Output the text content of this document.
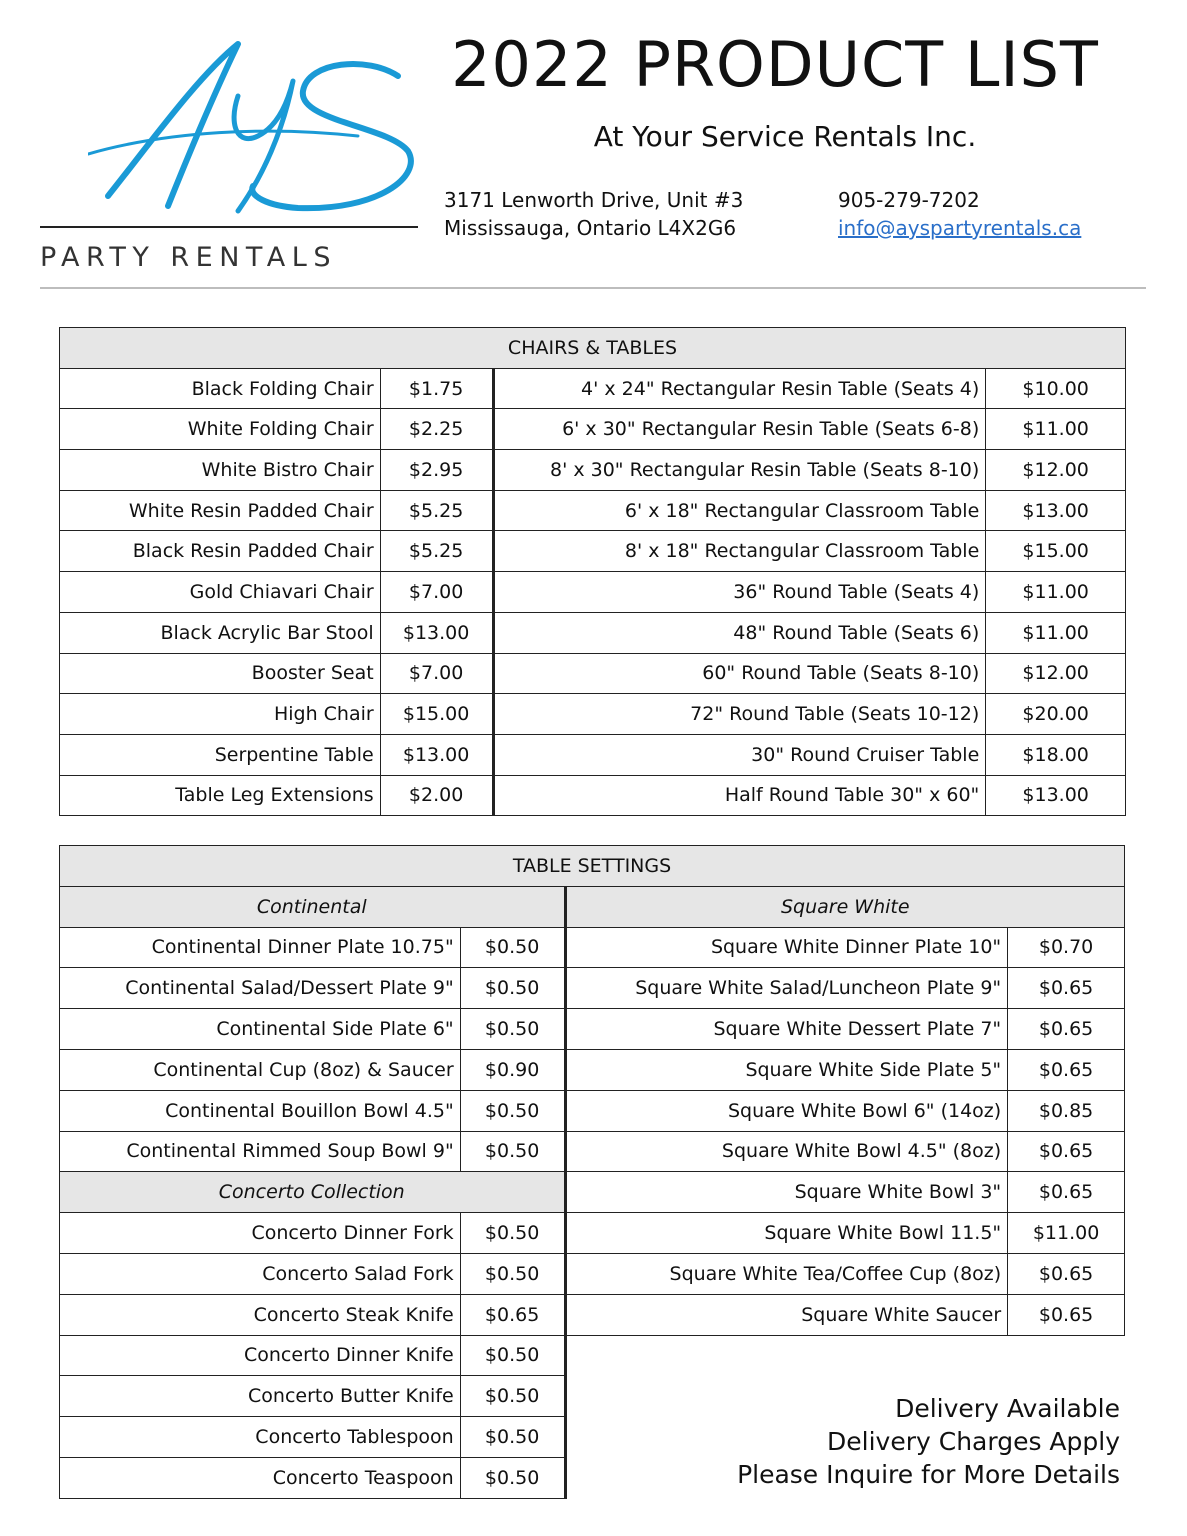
PARTY RENTALS
2022 PRODUCT LIST
At Your Service Rentals Inc.
3171 Lenworth Drive, Unit #3
Mississauga, Ontario L4X2G6
905-279-7202
info@ayspartyrentals.ca
CHAIRS & TABLES			
Black Folding Chair	$1.75	4' x 24" Rectangular Resin Table (Seats 4)	$10.00
White Folding Chair	$2.25	6' x 30" Rectangular Resin Table (Seats 6-8)	$11.00
White Bistro Chair	$2.95	8' x 30" Rectangular Resin Table (Seats 8-10)	$12.00
White Resin Padded Chair	$5.25	6' x 18" Rectangular Classroom Table	$13.00
Black Resin Padded Chair	$5.25	8' x 18" Rectangular Classroom Table	$15.00
Gold Chiavari Chair	$7.00	36" Round Table (Seats 4)	$11.00
Black Acrylic Bar Stool	$13.00	48" Round Table (Seats 6)	$11.00
Booster Seat	$7.00	60" Round Table (Seats 8-10)	$12.00
High Chair	$15.00	72" Round Table (Seats 10-12)	$20.00
Serpentine Table	$13.00	30" Round Cruiser Table	$18.00
Table Leg Extensions	$2.00	Half Round Table 30" x 60"	$13.00
TABLE SETTINGS			
Continental		Square White	
Continental Dinner Plate 10.75"	$0.50	Square White Dinner Plate 10"	$0.70
Continental Salad/Dessert Plate 9"	$0.50	Square White Salad/Luncheon Plate 9"	$0.65
Continental Side Plate 6"	$0.50	Square White Dessert Plate 7"	$0.65
Continental Cup (8oz) & Saucer	$0.90	Square White Side Plate 5"	$0.65
Continental Bouillon Bowl 4.5"	$0.50	Square White Bowl 6" (14oz)	$0.85
Continental Rimmed Soup Bowl 9"	$0.50	Square White Bowl 4.5" (8oz)	$0.65
Concerto Collection		Square White Bowl 3"	$0.65
Concerto Dinner Fork	$0.50	Square White Bowl 11.5"	$11.00
Concerto Salad Fork	$0.50	Square White Tea/Coffee Cup (8oz)	$0.65
Concerto Steak Knife	$0.65	Square White Saucer	$0.65
Concerto Dinner Knife	$0.50		
Concerto Butter Knife	$0.50		
Concerto Tablespoon	$0.50		
Concerto Teaspoon	$0.50		
Delivery Available
Delivery Charges Apply
Please Inquire for More Details
